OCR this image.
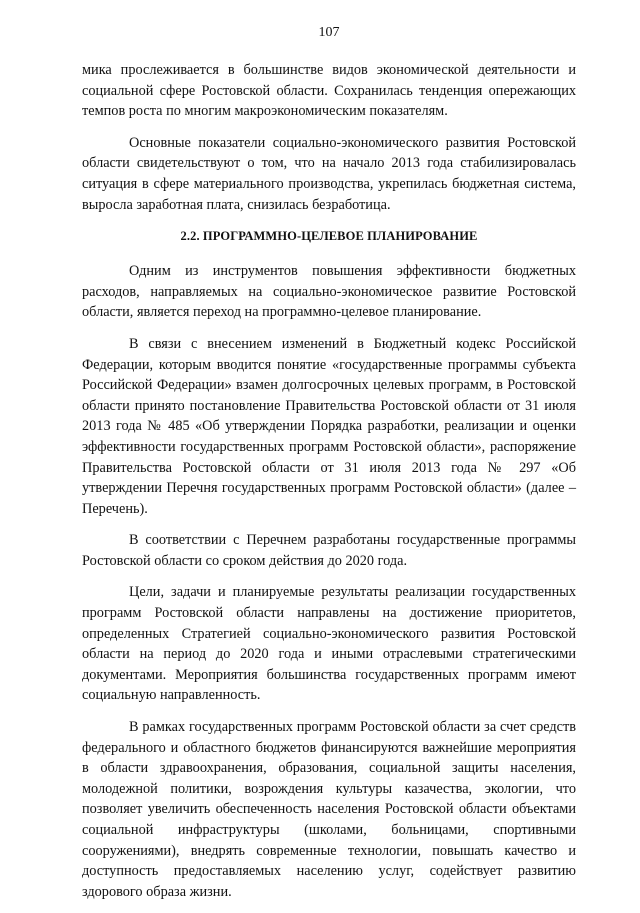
107

мика прослеживается в большинстве видов экономической деятельности и социальной сфере Ростовской области. Сохранилась тенденция опережающих темпов роста по многим макроэкономическим показателям.

Основные показатели социально-экономического развития Ростовской области свидетельствуют о том, что на начало 2013 года стабилизировалась ситуация в сфере материального производства, укрепилась бюджетная система, выросла заработная плата, снизилась безработица.

2.2. ПРОГРАММНО-ЦЕЛЕВОЕ ПЛАНИРОВАНИЕ

Одним из инструментов повышения эффективности бюджетных расходов, направляемых на социально-экономическое развитие Ростовской области, является переход на программно-целевое планирование.

В связи с внесением изменений в Бюджетный кодекс Российской Федерации, которым вводится понятие «государственные программы субъекта Российской Федерации» взамен долгосрочных целевых программ, в Ростовской области принято постановление Правительства Ростовской области от 31 июля 2013 года № 485 «Об утверждении Порядка разработки, реализации и оценки эффективности государственных программ Ростовской области», распоряжение Правительства Ростовской области от 31 июля 2013 года № 297 «Об утверждении Перечня государственных программ Ростовской области» (далее – Перечень).

В соответствии с Перечнем разработаны государственные программы Ростовской области со сроком действия до 2020 года.

Цели, задачи и планируемые результаты реализации государственных программ Ростовской области направлены на достижение приоритетов, определенных Стратегией социально-экономического развития Ростовской области на период до 2020 года и иными отраслевыми стратегическими документами. Мероприятия большинства государственных программ имеют социальную направленность.

В рамках государственных программ Ростовской области за счет средств федерального и областного бюджетов финансируются важнейшие мероприятия в области здравоохранения, образования, социальной защиты населения, молодежной политики, возрождения культуры казачества, экологии, что позволяет увеличить обеспеченность населения Ростовской области объектами социальной инфраструктуры (школами, больницами, спортивными сооружениями), внедрять современные технологии, повышать качество и доступность предоставляемых населению услуг, содействует развитию здорового образа жизни.
